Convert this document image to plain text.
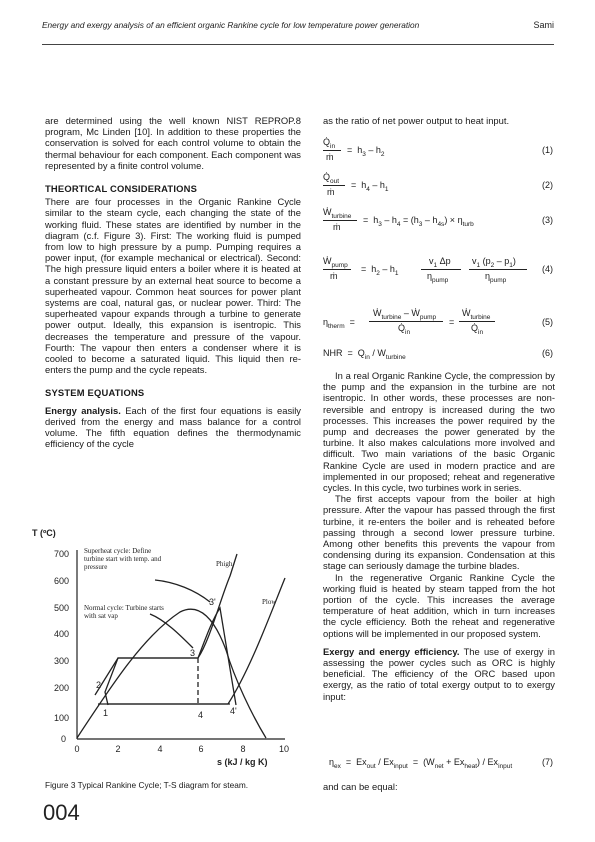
Energy and exergy analysis of an efficient organic Rankine cycle for low temperature power generation	Sami

are determined using the well known NIST REPROP.8 program, Mc Linden [10]. In addition to these properties the conservation is solved for each control volume to obtain the thermal behaviour for each component. Each component was represented by a finite control volume.

THEORTICAL CONSIDERATIONS

There are four processes in the Organic Rankine Cycle similar to the steam cycle, each changing the state of the working fluid. These states are identified by number in the diagram (c.f. Figure 3). First: The working fluid is pumped from low to high pressure by a pump. Pumping requires a power input, (for example mechanical or electrical). Second: The high pressure liquid enters a boiler where it is heated at a constant pressure by an external heat source to become a superheated vapour. Common heat sources for power plant systems are coal, natural gas, or nuclear power. Third: The superheated vapour expands through a turbine to generate power output. Ideally, this expansion is isentropic. This decreases the temperature and pressure of the vapour. Fourth: The vapour then enters a condenser where it is cooled to become a saturated liquid. This liquid then re-enters the pump and the cycle repeats.

SYSTEM EQUATIONS

Energy analysis. Each of the first four equations is easily derived from the energy and mass balance for a control volume. The fifth equation defines the thermodynamic efficiency of the cycle

as the ratio of net power output to heat input.

$Q̇_{in}$
ṁ
=  $h_3 - h_2$	(1)
$Q̇_{out}$
ṁ
=  $h_4 - h_1$	(2)
Ẇ$_{turbine}$
ṁ
=  $h_3 - h_4 = (h_3 - h_{4s}) \times \eta_{turb}$	(3)
Ẇ$_{pump}$
ṁ
=  $h_2 - h_1$
$v_1$ Δp
$\eta_{pump}$
$v_1$ $(p_2 - p_1)$
$\eta_{pump}$
(4)
$\eta_{therm}$  =
Ẇ$_{turbine}$ – Ẇ$_{pump}$
$Q̇_{in}$
=
Ẇ$_{turbine}$
$Q̇_{in}$
(5)
NHR  =  $Q_{in} / W_{turbine}$	(6)

In a real Organic Rankine Cycle, the compression by the pump and the expansion in the turbine are not isentropic. In other words, these processes are non-reversible and entropy is increased during the two processes. This increases the power required by the pump and decreases the power generated by the turbine. It also makes calculations more involved and difficult. Two main variations of the basic Organic Rankine Cycle are used in modern practice and are implemented in our proposed; reheat and regenerative cycles. In this cycle, two turbines work in series.

The first accepts vapour from the boiler at high pressure. After the vapour has passed through the first turbine, it re-enters the boiler and is reheated before passing through a second lower pressure turbine. Among other benefits this prevents the vapour from condensing during its expansion. Condensation at this stage can seriously damage the turbine blades.

In the regenerative Organic Rankine Cycle the working fluid is heated by steam tapped from the hot portion of the cycle. This increases the average temperature of heat addition, which in turn increases the cycle efficiency. Both the reheat and regenerative options will be implemented in our proposed system.

Exergy and energy efficiency. The use of exergy in assessing the power cycles such as ORC is highly beneficial. The efficiency of the ORC based upon exergy, as the ratio of total exergy output to to exergy input:

$\eta_{ex} = Ex_{out} / Ex_{input} = (W_{net} + Ex_{heat}) / Ex_{input}$	(7)
and can be equal:
T (ºC)
s (kJ / kg K)
0
100
200
300
400
500
600
700
0	2	4	6	8	10
1
2
3
3'
4	4'
Phigh
Plow
Superheat cycle: Define turbine start with temp. and pressure
Normal cycle: Turbine starts with sat vap
Figure 3 Typical Rankine Cycle; T-S diagram for steam.
004
